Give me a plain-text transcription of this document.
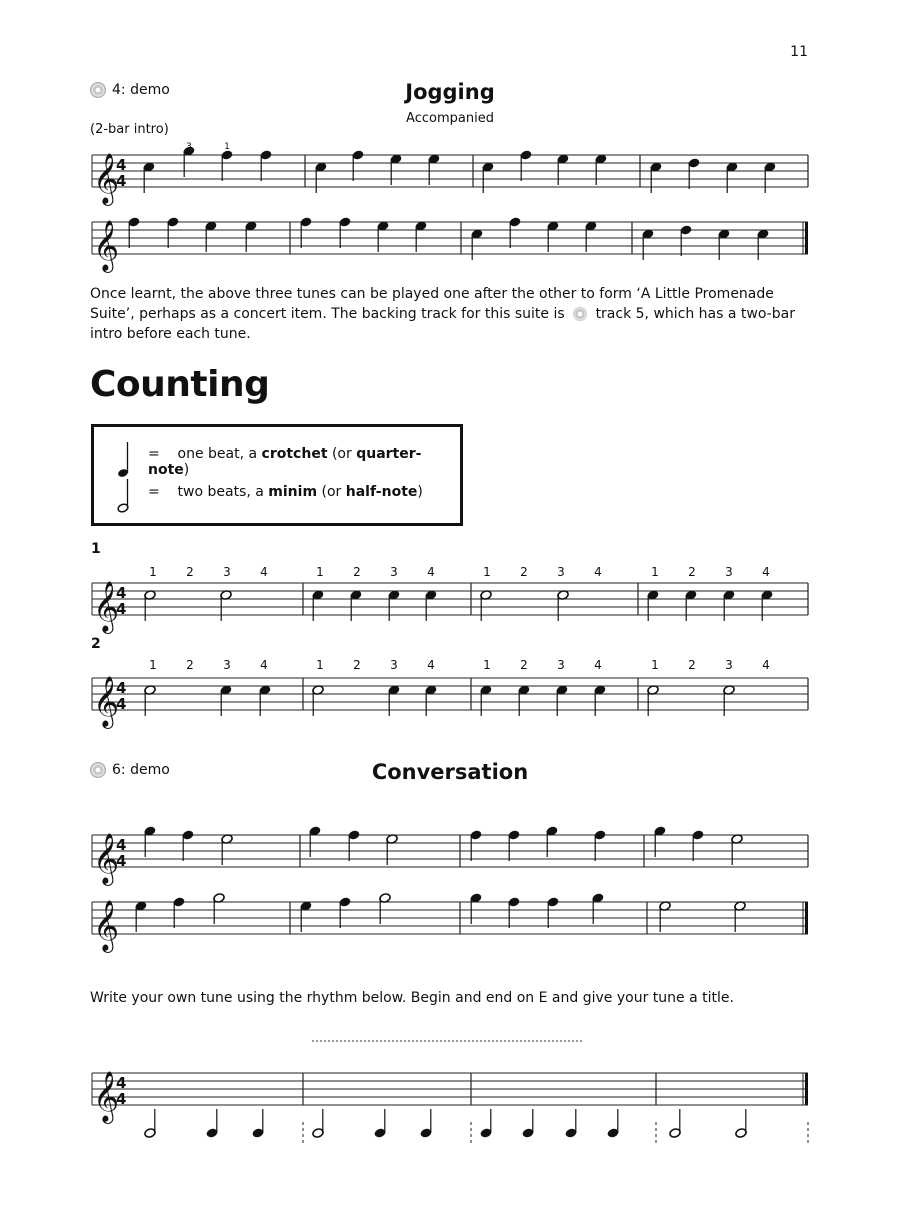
11
4: demo	Jogging
Accompanied
(2-bar intro)
𝄞
4
4
3	1
𝄞
1 2 3 4	1 2 3 4	1 2 3 4	1 2 3 4
𝄞
4
4
1 2 3 4	1 2 3 4	1 2 3 4	1 2 3 4
𝄞
4
4
𝄞
4
4
𝄞
𝄞
4
4
Once learnt, the above three tunes can be played one after the other to form ‘A Little Promenade Suite’, perhaps as a concert item. The backing track for this suite is track 5, which has a two-bar intro before each tune.
Counting
= one beat, a crotchet (or quarter-note)
= two beats, a minim (or half-note)
1
2
6: demo	Conversation
Write your own tune using the rhythm below. Begin and end on E and give your tune a title.
